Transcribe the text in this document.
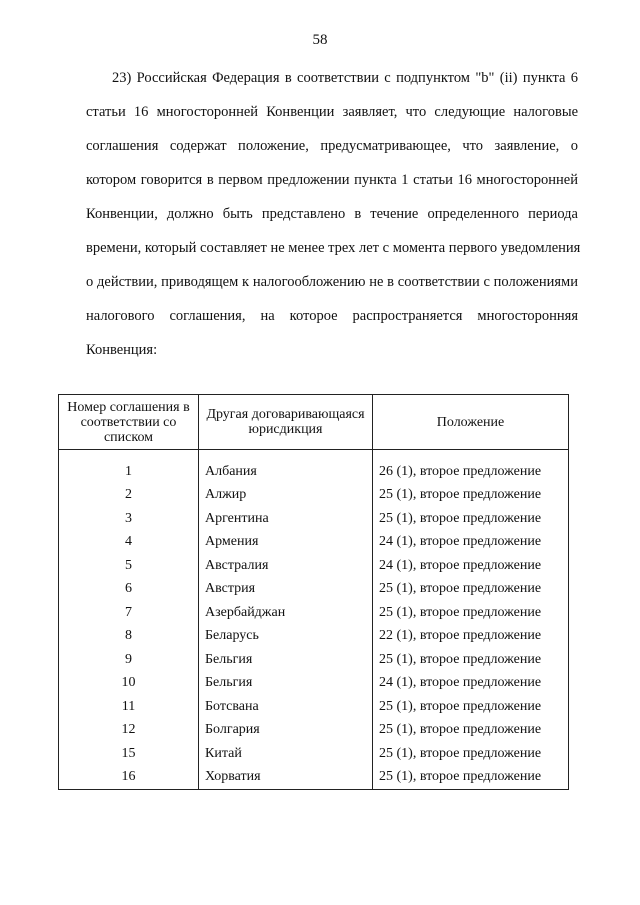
58
23) Российская Федерация в соответствии с подпунктом "b" (ii) пункта 6
статьи 16 многосторонней Конвенции заявляет, что следующие налоговые
соглашения содержат положение, предусматривающее, что заявление, о
котором говорится в первом предложении пункта 1 статьи 16 многосторонней
Конвенции, должно быть представлено в течение определенного периода
времени, который составляет не менее трех лет с момента первого уведомления
о действии, приводящем к налогообложению не в соответствии с положениями
налогового соглашения, на которое распространяется многосторонняя
Конвенция:
Номер соглашения в соответствии со списком	Другая договаривающаяся юрисдикция	Положение

1	Албания	26 (1), второе предложение
2	Алжир	25 (1), второе предложение
3	Аргентина	25 (1), второе предложение
4	Армения	24 (1), второе предложение
5	Австралия	24 (1), второе предложение
6	Австрия	25 (1), второе предложение
7	Азербайджан	25 (1), второе предложение
8	Беларусь	22 (1), второе предложение
9	Бельгия	25 (1), второе предложение
10	Бельгия	24 (1), второе предложение
11	Ботсвана	25 (1), второе предложение
12	Болгария	25 (1), второе предложение
15	Китай	25 (1), второе предложение
16	Хорватия	25 (1), второе предложение
